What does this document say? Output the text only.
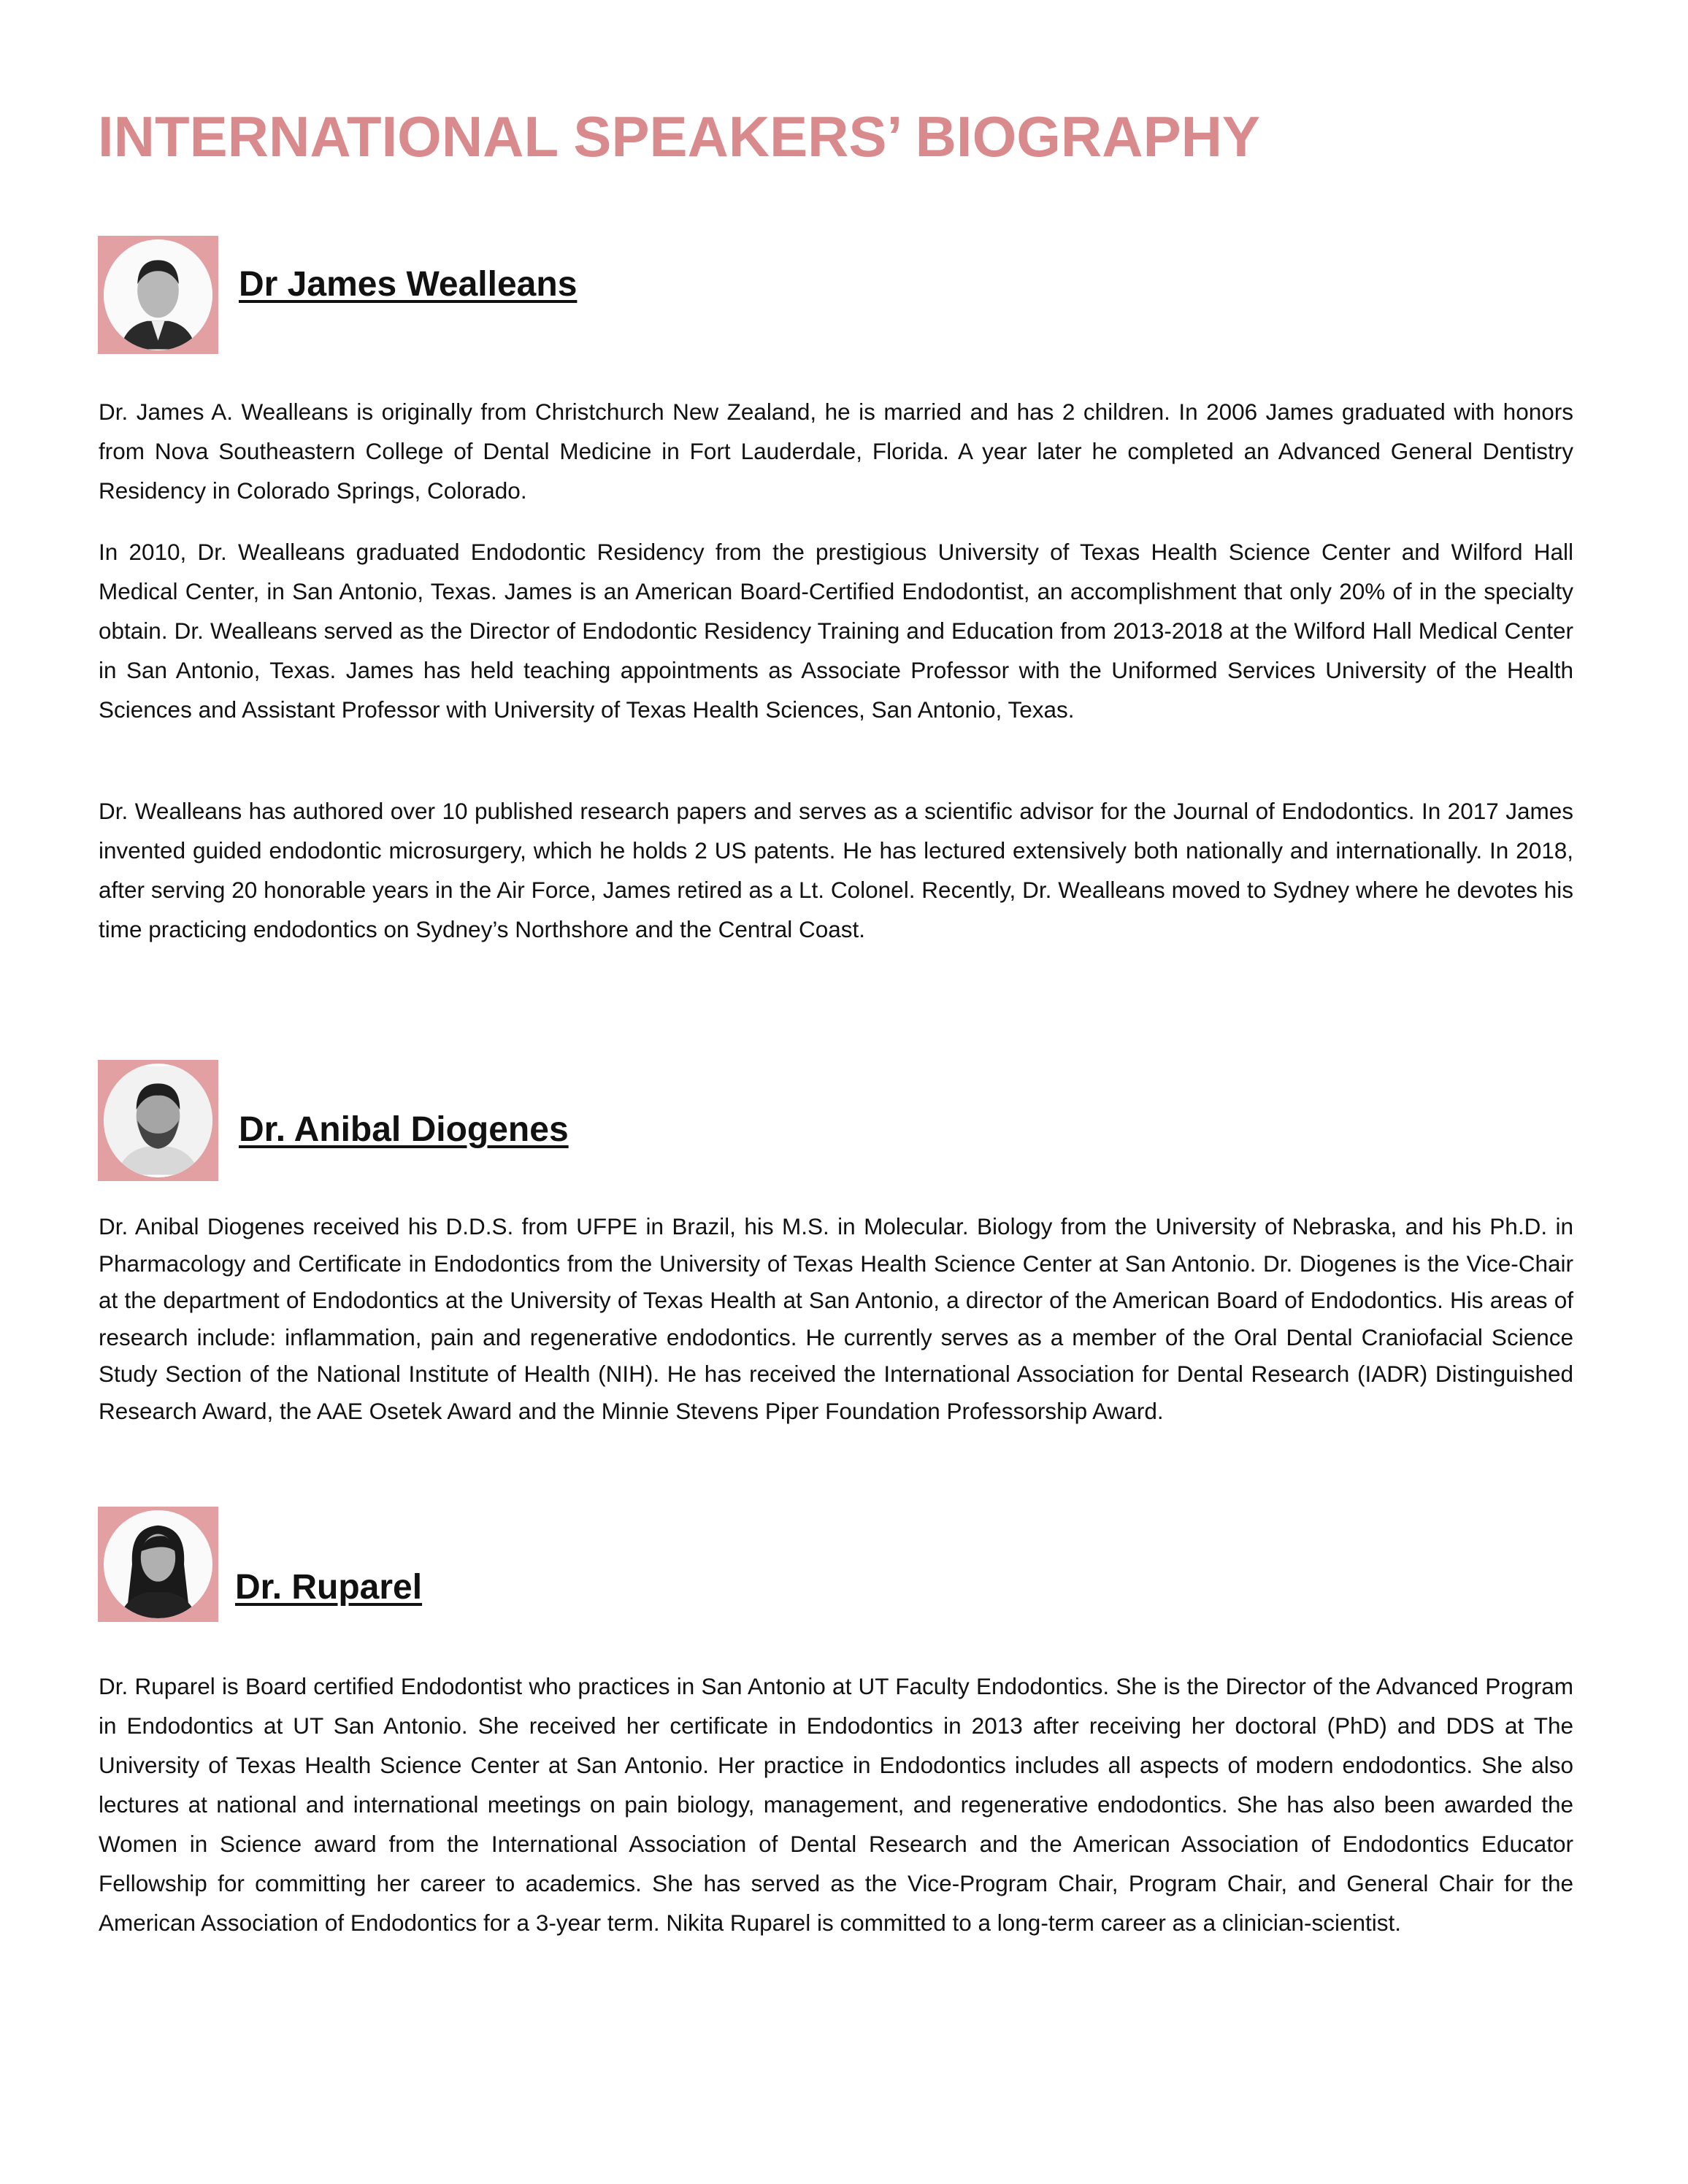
INTERNATIONAL SPEAKERS’ BIOGRAPHY
Dr James Wealleans

Dr. James A. Wealleans is originally from Christchurch New Zealand, he is married and has 2 children. In 2006 James graduated with honors from Nova Southeastern College of Dental Medicine in Fort Lauderdale, Florida. A year later he completed an Advanced General Dentistry Residency in Colorado Springs, Colorado.

In 2010, Dr. Wealleans graduated Endodontic Residency from the prestigious University of Texas Health Science Center and Wilford Hall Medical Center, in San Antonio, Texas. James is an American Board-Certified Endodontist, an accomplishment that only 20% of in the specialty obtain. Dr. Wealleans served as the Director of Endodontic Residency Training and Education from 2013-2018 at the Wilford Hall Medical Center in San Antonio, Texas. James has held teaching appointments as Associate Professor with the Uniformed Services University of the Health Sciences and Assistant Professor with University of Texas Health Sciences, San Antonio, Texas.

Dr. Wealleans has authored over 10 published research papers and serves as a scientific advisor for the Journal of Endodontics. In 2017 James invented guided endodontic microsurgery, which he holds 2 US patents. He has lectured extensively both nationally and internationally. In 2018, after serving 20 honorable years in the Air Force, James retired as a Lt. Colonel. Recently, Dr. Wealleans moved to Sydney where he devotes his time practicing endodontics on Sydney’s Northshore and the Central Coast.

Dr. Anibal Diogenes

Dr. Anibal Diogenes received his D.D.S. from UFPE in Brazil, his M.S. in Molecular. Biology from the University of Nebraska, and his Ph.D. in Pharmacology and Certificate in Endodontics from the University of Texas Health Science Center at San Antonio. Dr. Diogenes is the Vice-Chair at the department of Endodontics at the University of Texas Health at San Antonio, a director of the American Board of Endodontics. His areas of research include: inflammation, pain and regenerative endodontics. He currently serves as a member of the Oral Dental Craniofacial Science Study Section of the National Institute of Health (NIH). He has received the International Association for Dental Research (IADR) Distinguished Research Award, the AAE Osetek Award and the Minnie Stevens Piper Foundation Professorship Award.

Dr. Ruparel

Dr. Ruparel is Board certified Endodontist who practices in San Antonio at UT Faculty Endodontics. She is the Director of the Advanced Program in Endodontics at UT San Antonio. She received her certificate in Endodontics in 2013 after receiving her doctoral (PhD) and DDS at The University of Texas Health Science Center at San Antonio. Her practice in Endodontics includes all aspects of modern endodontics. She also lectures at national and international meetings on pain biology, management, and regenerative endodontics. She has also been awarded the Women in Science award from the International Association of Dental Research and the American Association of Endodontics Educator Fellowship for committing her career to academics. She has served as the Vice-Program Chair, Program Chair, and General Chair for the American Association of Endodontics for a 3-year term. Nikita Ruparel is committed to a long-term career as a clinician-scientist.
